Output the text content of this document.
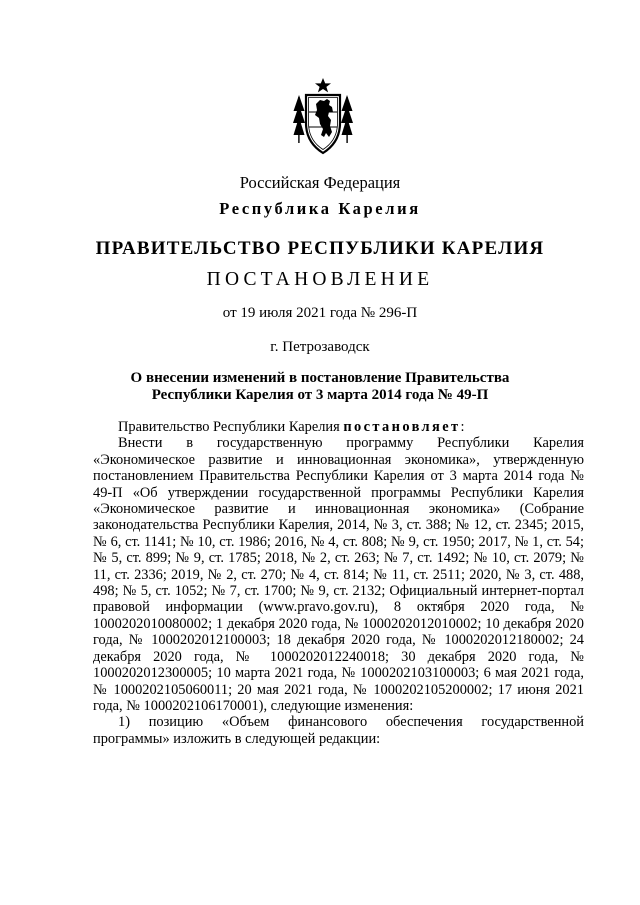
Российская Федерация
Республика Карелия
ПРАВИТЕЛЬСТВО РЕСПУБЛИКИ КАРЕЛИЯ
ПОСТАНОВЛЕНИЕ
от 19 июля 2021 года № 296-П
г. Петрозаводск
О внесении изменений в постановление Правительства
Республики Карелия от 3 марта 2014 года № 49-П

Правительство Республики Карелия постановляет:

Внести в государственную программу Республики Карелия «Экономическое развитие и инновационная экономика», утвержденную постановлением Правительства Республики Карелия от 3 марта 2014 года № 49-П «Об утверждении государственной программы Республики Карелия «Экономическое развитие и инновационная экономика» (Собрание законодательства Республики Карелия, 2014, № 3, ст. 388; № 12, ст. 2345; 2015, № 6, ст. 1141; № 10, ст. 1986; 2016, № 4, ст. 808; № 9, ст. 1950; 2017, № 1, ст. 54; № 5, ст. 899; № 9, ст. 1785; 2018, № 2, ст. 263; № 7, ст. 1492; № 10, ст. 2079; № 11, ст. 2336; 2019, № 2, ст. 270; № 4, ст. 814; № 11, ст. 2511; 2020, № 3, ст. 488, 498; № 5, ст. 1052; № 7, ст. 1700; № 9, ст. 2132; Официальный интернет-портал правовой информации (www.pravo.gov.ru), 8 октября 2020 года, № 1000202010080002; 1 декабря 2020 года, № 1000202012010002; 10 декабря 2020 года, № 1000202012100003; 18 декабря 2020 года, № 1000202012180002; 24 декабря 2020 года, № 1000202012240018; 30 декабря 2020 года, № 1000202012300005; 10 марта 2021 года, № 1000202103100003; 6 мая 2021 года, № 1000202105060011; 20 мая 2021 года, № 1000202105200002; 17 июня 2021 года, № 1000202106170001), следующие изменения:

1) позицию «Объем финансового обеспечения государственной программы» изложить в следующей редакции:
